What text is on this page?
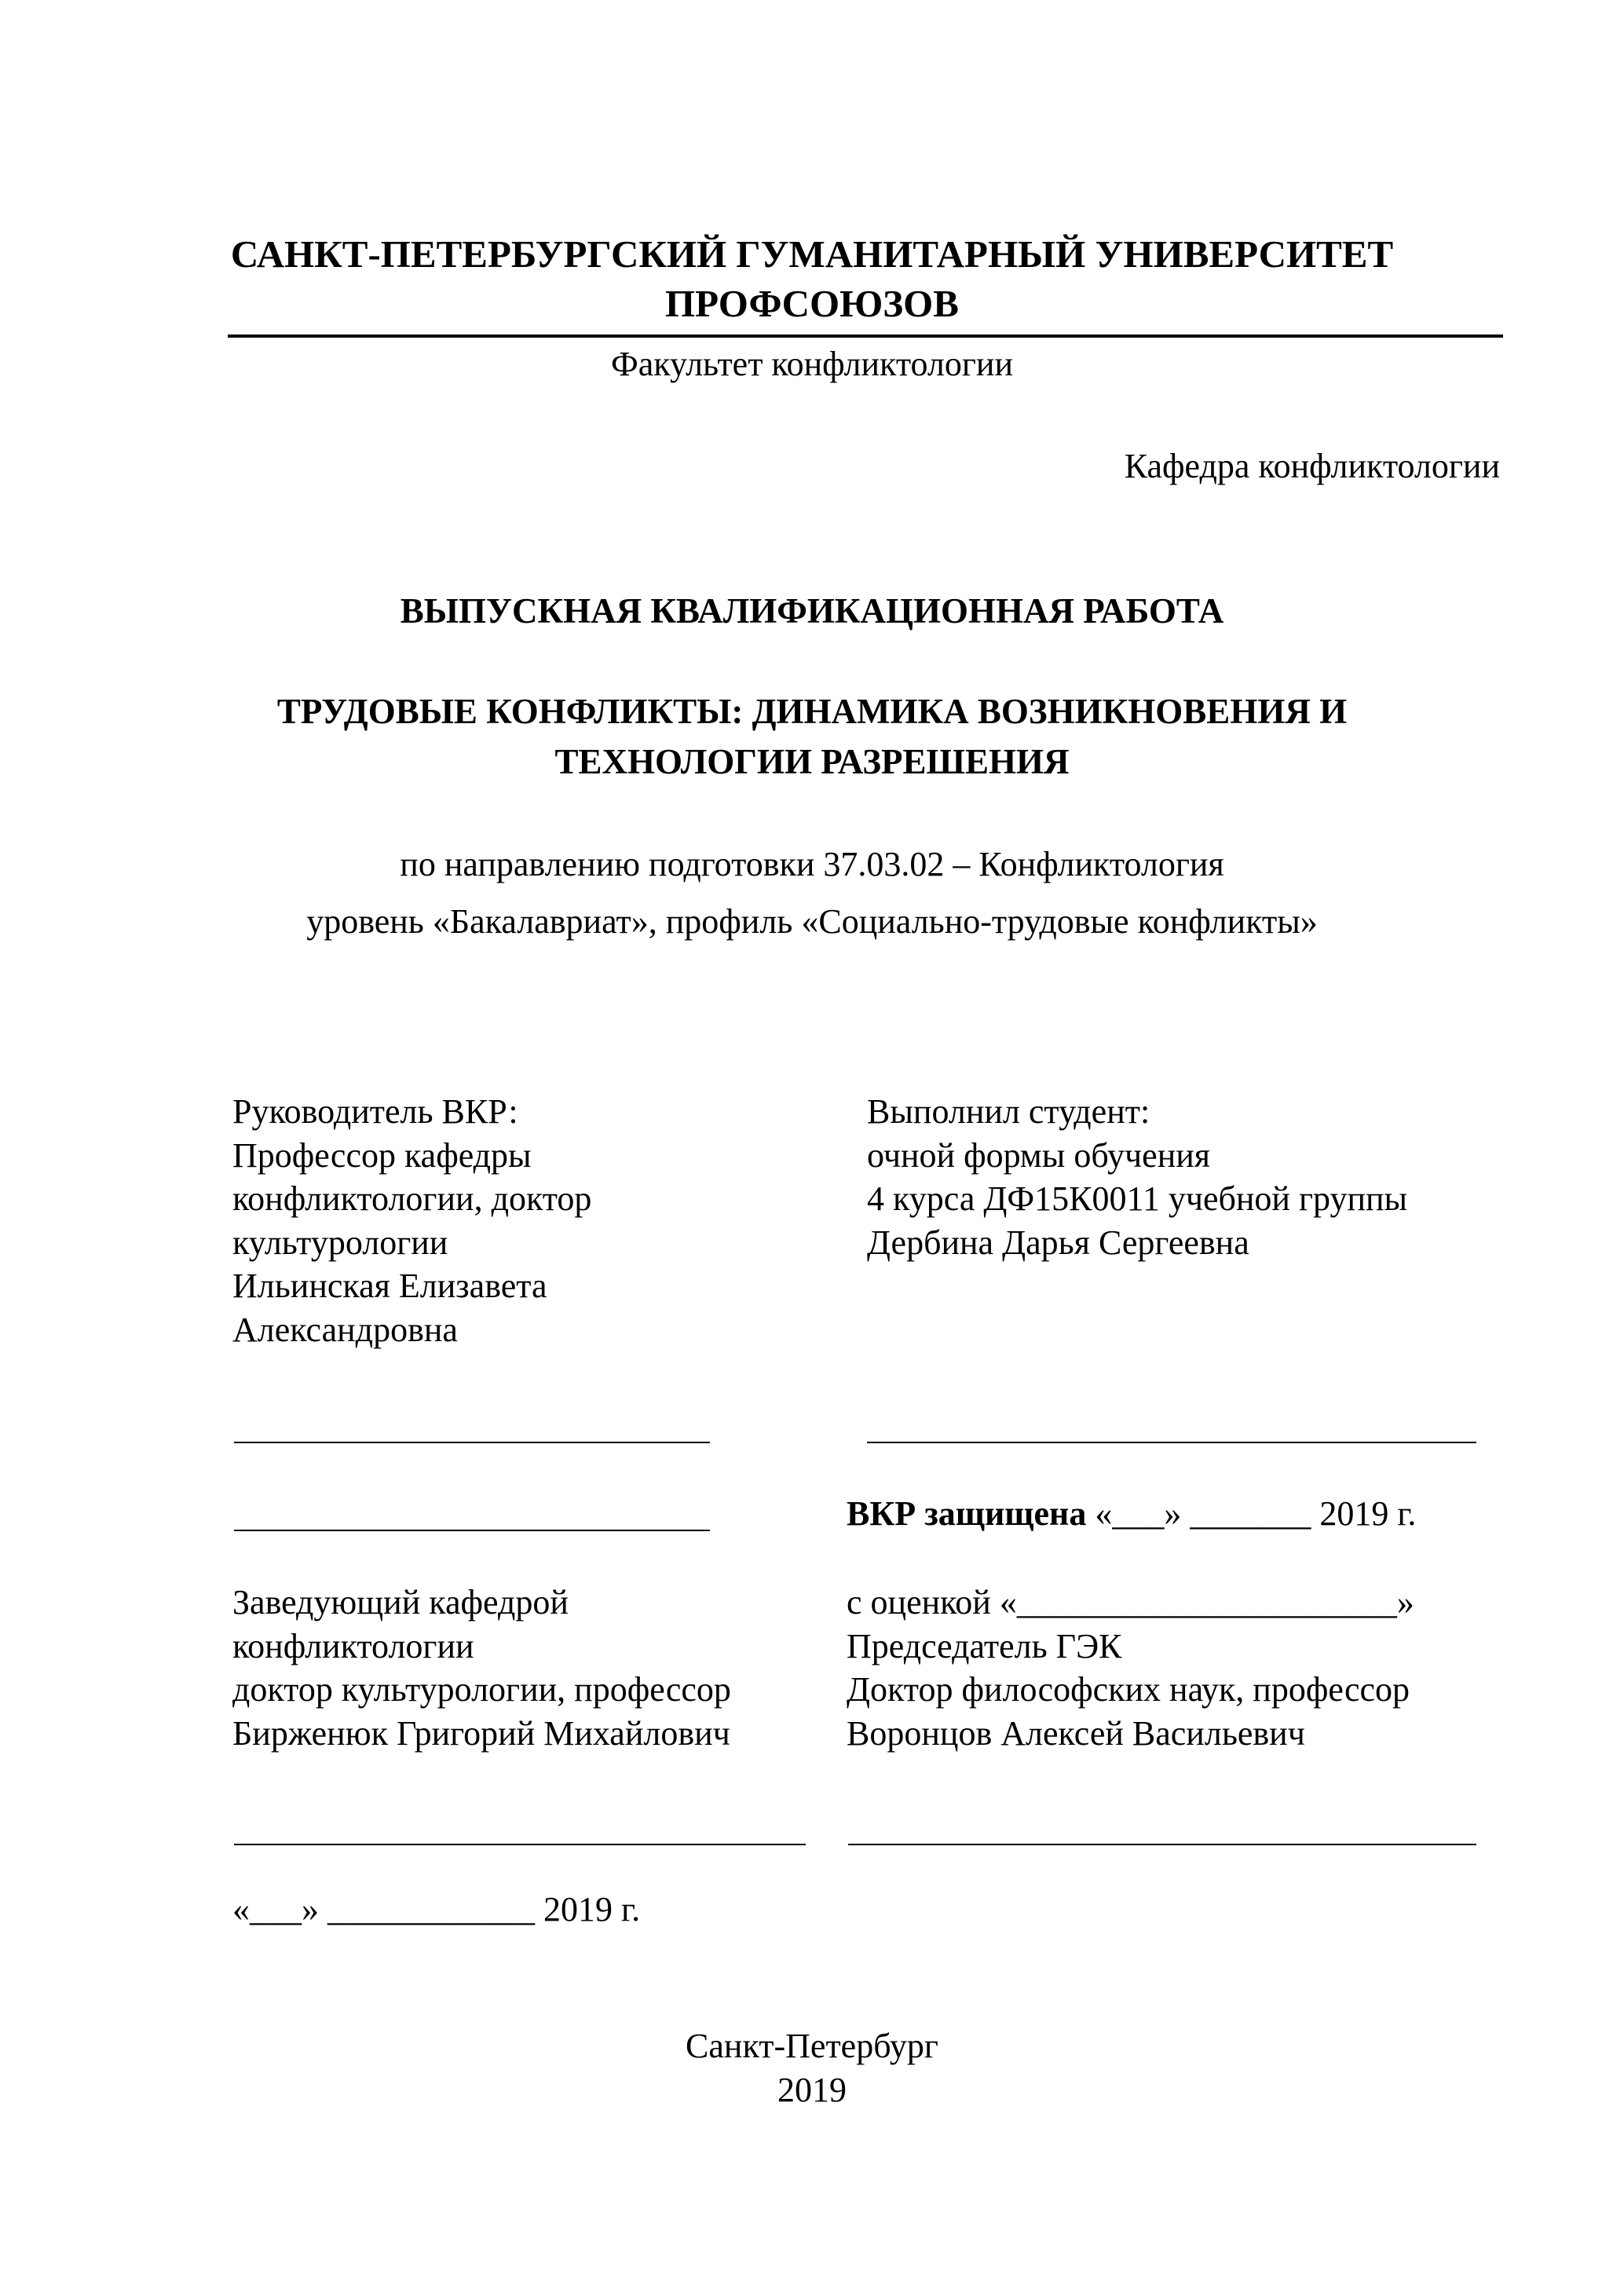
САНКТ-ПЕТЕРБУРГСКИЙ ГУМАНИТАРНЫЙ УНИВЕРСИТЕТ
ПРОФСОЮЗОВ
Факультет конфликтологии
Кафедра конфликтологии
ВЫПУСКНАЯ КВАЛИФИКАЦИОННАЯ РАБОТА
ТРУДОВЫЕ КОНФЛИКТЫ: ДИНАМИКА ВОЗНИКНОВЕНИЯ И
ТЕХНОЛОГИИ РАЗРЕШЕНИЯ
по направлению подготовки 37.03.02 – Конфликтология
уровень «Бакалавриат», профиль «Социально-трудовые конфликты»
Руководитель ВКР:
Профессор кафедры
конфликтологии, доктор
культурологии
Ильинская Елизавета
Александровна
Выполнил студент:
очной формы обучения
4 курса ДФ15К0011 учебной группы
Дербина Дарья Сергеевна
ВКР защищена «___» _______ 2019 г.
Заведующий кафедрой
конфликтологии
доктор культурологии, профессор
Бирженюк Григорий Михайлович
с оценкой «______________________»
Председатель ГЭК
Доктор философских наук, профессор
Воронцов Алексей Васильевич
«___» ____________ 2019 г.
Санкт-Петербург
2019
